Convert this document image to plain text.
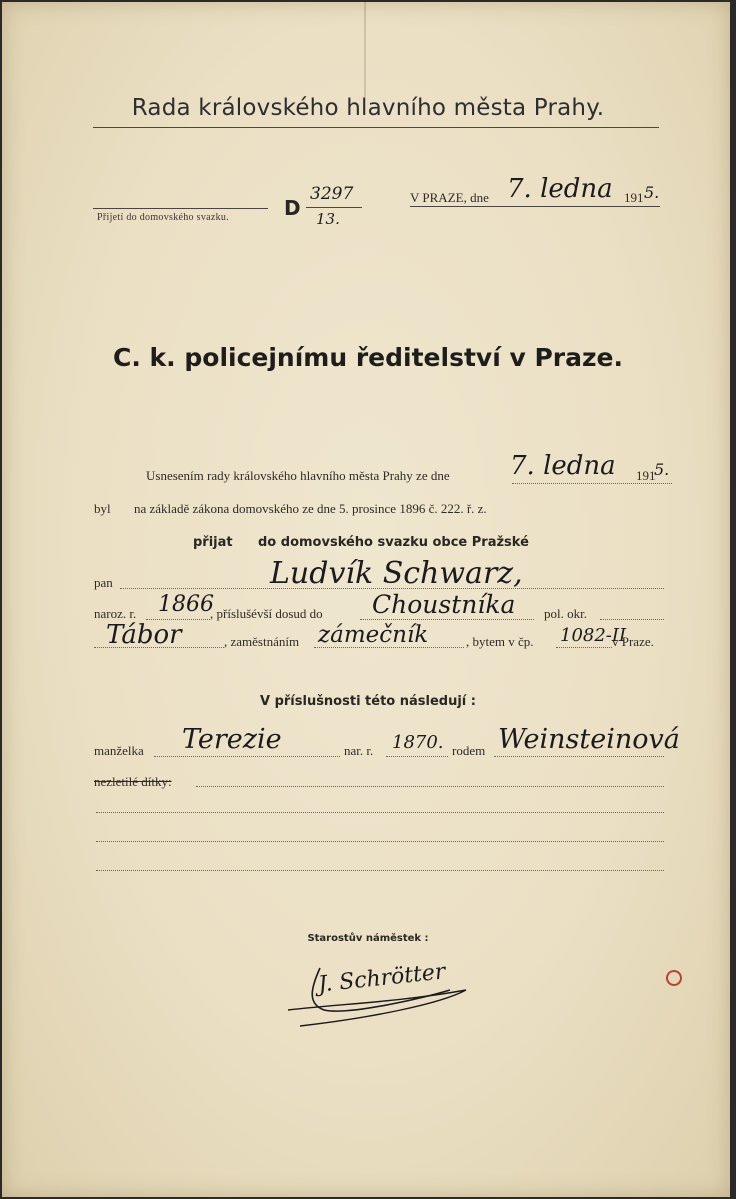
Rada královského hlavního města Prahy.
Přijetí do domovského svazku.	D
3297
13.
V PRAZE, dne 7. ledna 191 5.
C. k. policejnímu ředitelství v Praze.
Usnesením rady královského hlavního města Prahy ze dne 7. ledna 191
5.
byl na základě zákona domovského ze dne 5. prosince 1896 č. 222. ř. z.
přijat do domovského svazku obce Pražské
pan	Ludvík Schwarz,
naroz. r. 1866
, příslušévší dosud do Choustníka pol. okr.
Tábor	, zaměstnáním zámečník	, bytem v čp. 1082-II
v Praze.
V příslušnosti této následují :
manželka Terezie	nar. r. 1870. rodem Weinsteinová
nezletilé dítky:
Starostův náměstek :
J. Schrötter
